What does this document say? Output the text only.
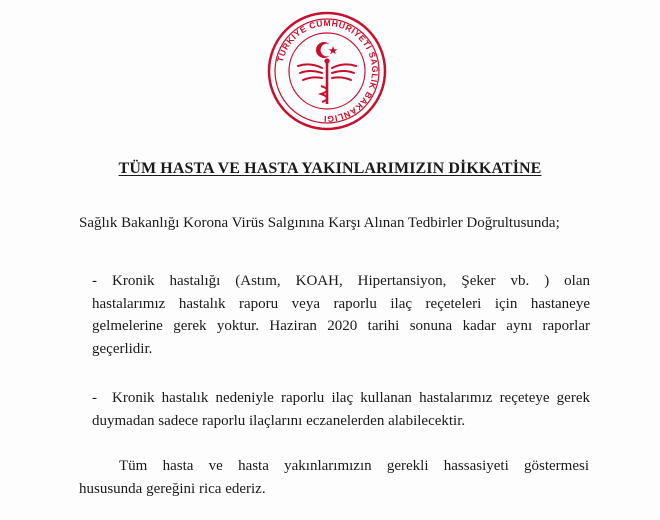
TÜRKİYE CUMHURİYETİ SAĞLIK BAKANLIĞI
TÜM HASTA VE HASTA YAKINLARIMIZIN DİKKATİNE
Sağlık Bakanlığı Korona Virüs Salgınına Karşı Alınan Tedbirler Doğrultusunda;
- Kronik hastalığı (Astım, KOAH, Hipertansiyon, Şeker vb. ) olan
hastalarımız hastalık raporu veya raporlu ilaç reçeteleri için hastaneye
gelmelerine gerek yoktur. Haziran 2020 tarihi sonuna kadar aynı raporlar
geçerlidir.
- Kronik hastalık nedeniyle raporlu ilaç kullanan hastalarımız reçeteye gerek
duymadan sadece raporlu ilaçlarını eczanelerden alabilecektir.
Tüm hasta ve hasta yakınlarımızın gerekli hassasiyeti göstermesi
hususunda gereğini rica ederiz.
